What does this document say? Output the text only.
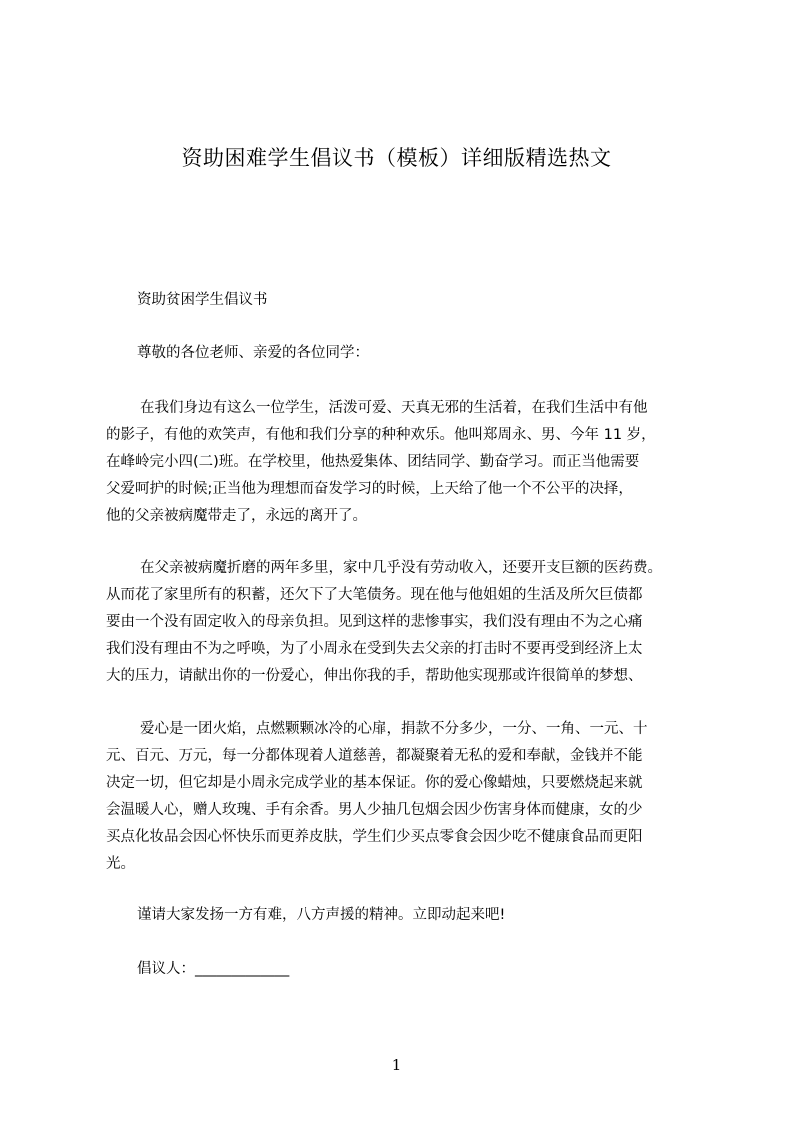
资助困难学生倡议书（模板）详细版精选热文
资助贫困学生倡议书
尊敬的各位老师、亲爱的各位同学：
在我们身边有这么一位学生，活泼可爱、天真无邪的生活着，在我们生活中有他
的影子，有他的欢笑声，有他和我们分享的种种欢乐。他叫郑周永、男、今年 11 岁，
在峰岭完小四(二)班。在学校里，他热爱集体、团结同学、勤奋学习。而正当他需要
父爱呵护的时候;正当他为理想而奋发学习的时候，上天给了他一个不公平的决择，
他的父亲被病魔带走了，永远的离开了。
在父亲被病魔折磨的两年多里，家中几乎没有劳动收入，还要开支巨额的医药费。
从而花了家里所有的积蓄，还欠下了大笔债务。现在他与他姐姐的生活及所欠巨债都
要由一个没有固定收入的母亲负担。见到这样的悲惨事实，我们没有理由不为之心痛
我们没有理由不为之呼唤，为了小周永在受到失去父亲的打击时不要再受到经济上太
大的压力，请献出你的一份爱心，伸出你我的手，帮助他实现那或许很简单的梦想、
爱心是一团火焰，点燃颗颗冰冷的心扉，捐款不分多少，一分、一角、一元、十
元、百元、万元，每一分都体现着人道慈善，都凝聚着无私的爱和奉献，金钱并不能
决定一切，但它却是小周永完成学业的基本保证。你的爱心像蜡烛，只要燃烧起来就
会温暖人心，赠人玫瑰、手有余香。男人少抽几包烟会因少伤害身体而健康，女的少
买点化妆品会因心怀快乐而更养皮肤，学生们少买点零食会因少吃不健康食品而更阳
光。
谨请大家发扬一方有难，八方声援的精神。立即动起来吧!
倡议人：_____________
1
